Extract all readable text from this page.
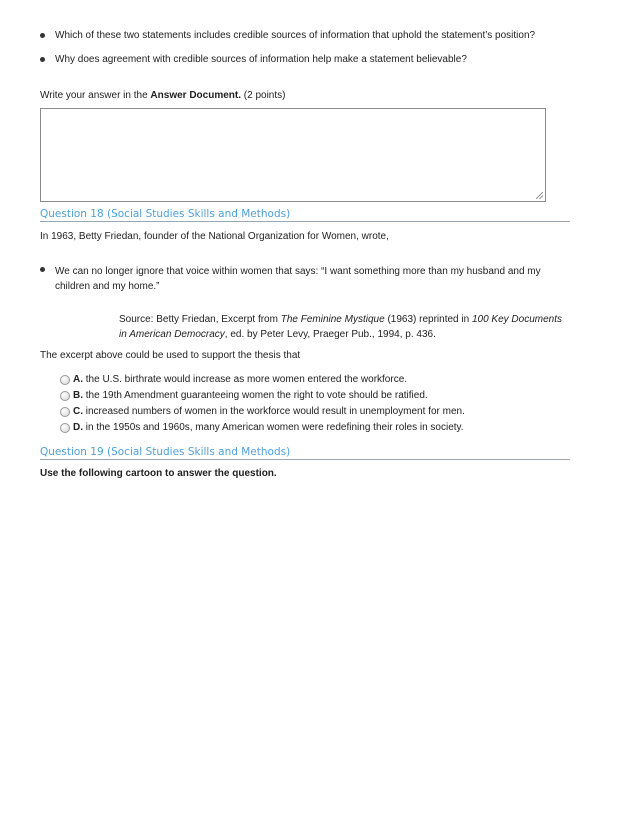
Which of these two statements includes credible sources of information that uphold the statement’s position?
Why does agreement with credible sources of information help make a statement believable?
Write your answer in the Answer Document. (2 points)
Question 18 (Social Studies Skills and Methods)
In 1963, Betty Friedan, founder of the National Organization for Women, wrote,
We can no longer ignore that voice within women that says: “I want something more than my husband and my
children and my home.”
Source: Betty Friedan, Excerpt from The Feminine Mystique (1963) reprinted in 100 Key Documents
in American Democracy, ed. by Peter Levy, Praeger Pub., 1994, p. 436.
The excerpt above could be used to support the thesis that
A. the U.S. birthrate would increase as more women entered the workforce.
B. the 19th Amendment guaranteeing women the right to vote should be ratified.
C. increased numbers of women in the workforce would result in unemployment for men.
D. in the 1950s and 1960s, many American women were redefining their roles in society.
Question 19 (Social Studies Skills and Methods)
Use the following cartoon to answer the question.
